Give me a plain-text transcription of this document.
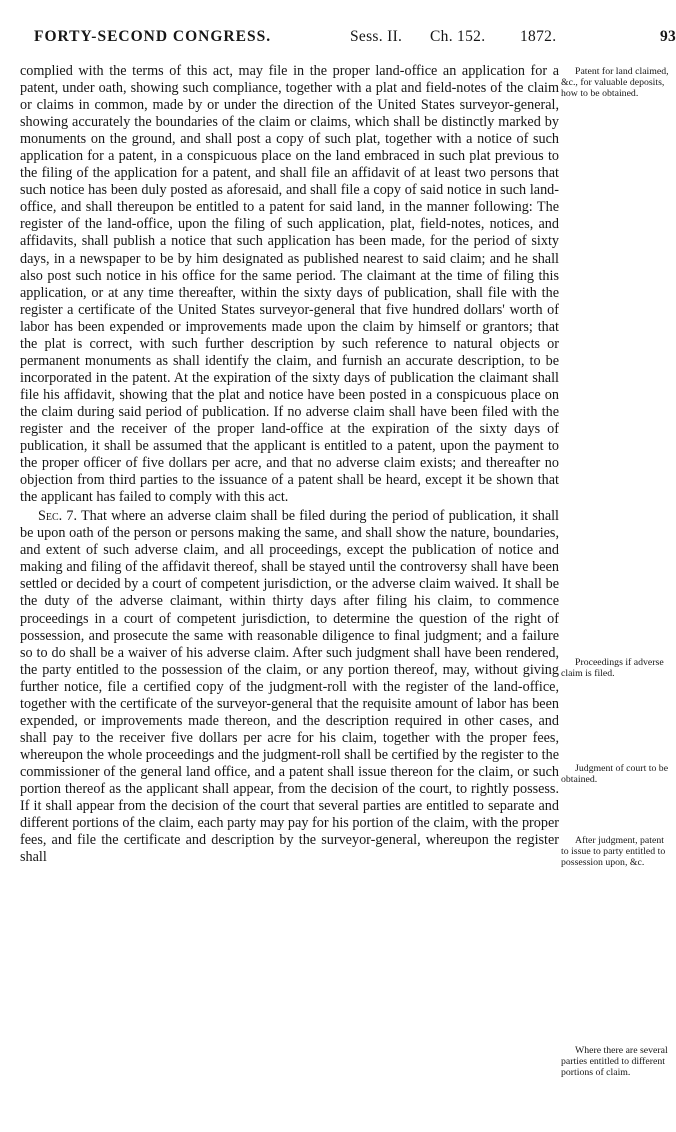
FORTY-SECOND CONGRESS.	Sess. II. Ch. 152. 1872.	93

complied with the terms of this act, may file in the proper land-office an application for a patent, under oath, showing such compliance, together with a plat and field-notes of the claim or claims in common, made by or under the direction of the United States surveyor-general, showing accurately the boundaries of the claim or claims, which shall be distinctly marked by monuments on the ground, and shall post a copy of such plat, together with a notice of such application for a patent, in a conspicuous place on the land embraced in such plat previous to the filing of the application for a patent, and shall file an affidavit of at least two persons that such notice has been duly posted as aforesaid, and shall file a copy of said notice in such land-office, and shall thereupon be entitled to a patent for said land, in the manner following: The register of the land-office, upon the filing of such application, plat, field-notes, notices, and affidavits, shall publish a notice that such application has been made, for the period of sixty days, in a newspaper to be by him designated as published nearest to said claim; and he shall also post such notice in his office for the same period. The claimant at the time of filing this application, or at any time thereafter, within the sixty days of publication, shall file with the register a certificate of the United States surveyor-general that five hundred dollars' worth of labor has been expended or improvements made upon the claim by himself or grantors; that the plat is correct, with such further description by such reference to natural objects or permanent monuments as shall identify the claim, and furnish an accurate description, to be incorporated in the patent. At the expiration of the sixty days of publication the claimant shall file his affidavit, showing that the plat and notice have been posted in a conspicuous place on the claim during said period of publication. If no adverse claim shall have been filed with the register and the receiver of the proper land-office at the expiration of the sixty days of publication, it shall be assumed that the applicant is entitled to a patent, upon the payment to the proper officer of five dollars per acre, and that no adverse claim exists; and thereafter no objection from third parties to the issuance of a patent shall be heard, except it be shown that the applicant has failed to comply with this act.

Sec. 7. That where an adverse claim shall be filed during the period of publication, it shall be upon oath of the person or persons making the same, and shall show the nature, boundaries, and extent of such adverse claim, and all proceedings, except the publication of notice and making and filing of the affidavit thereof, shall be stayed until the controversy shall have been settled or decided by a court of competent jurisdiction, or the adverse claim waived. It shall be the duty of the adverse claimant, within thirty days after filing his claim, to commence proceedings in a court of competent jurisdiction, to determine the question of the right of possession, and prosecute the same with reasonable diligence to final judgment; and a failure so to do shall be a waiver of his adverse claim. After such judgment shall have been rendered, the party entitled to the possession of the claim, or any portion thereof, may, without giving further notice, file a certified copy of the judgment-roll with the register of the land-office, together with the certificate of the surveyor-general that the requisite amount of labor has been expended, or improvements made thereon, and the description required in other cases, and shall pay to the receiver five dollars per acre for his claim, together with the proper fees, whereupon the whole proceedings and the judgment-roll shall be certified by the register to the commissioner of the general land office, and a patent shall issue thereon for the claim, or such portion thereof as the applicant shall appear, from the decision of the court, to rightly possess. If it shall appear from the decision of the court that several parties are entitled to separate and different portions of the claim, each party may pay for his portion of the claim, with the proper fees, and file the certificate and description by the surveyor-general, whereupon the register shall

Patent for land claimed, &c., for valuable deposits, how to be obtained.
Proceedings if adverse claim is filed.
Judgment of court to be obtained.
After judgment, patent to issue to party entitled to possession upon, &c.
Where there are several parties entitled to different portions of claim.
